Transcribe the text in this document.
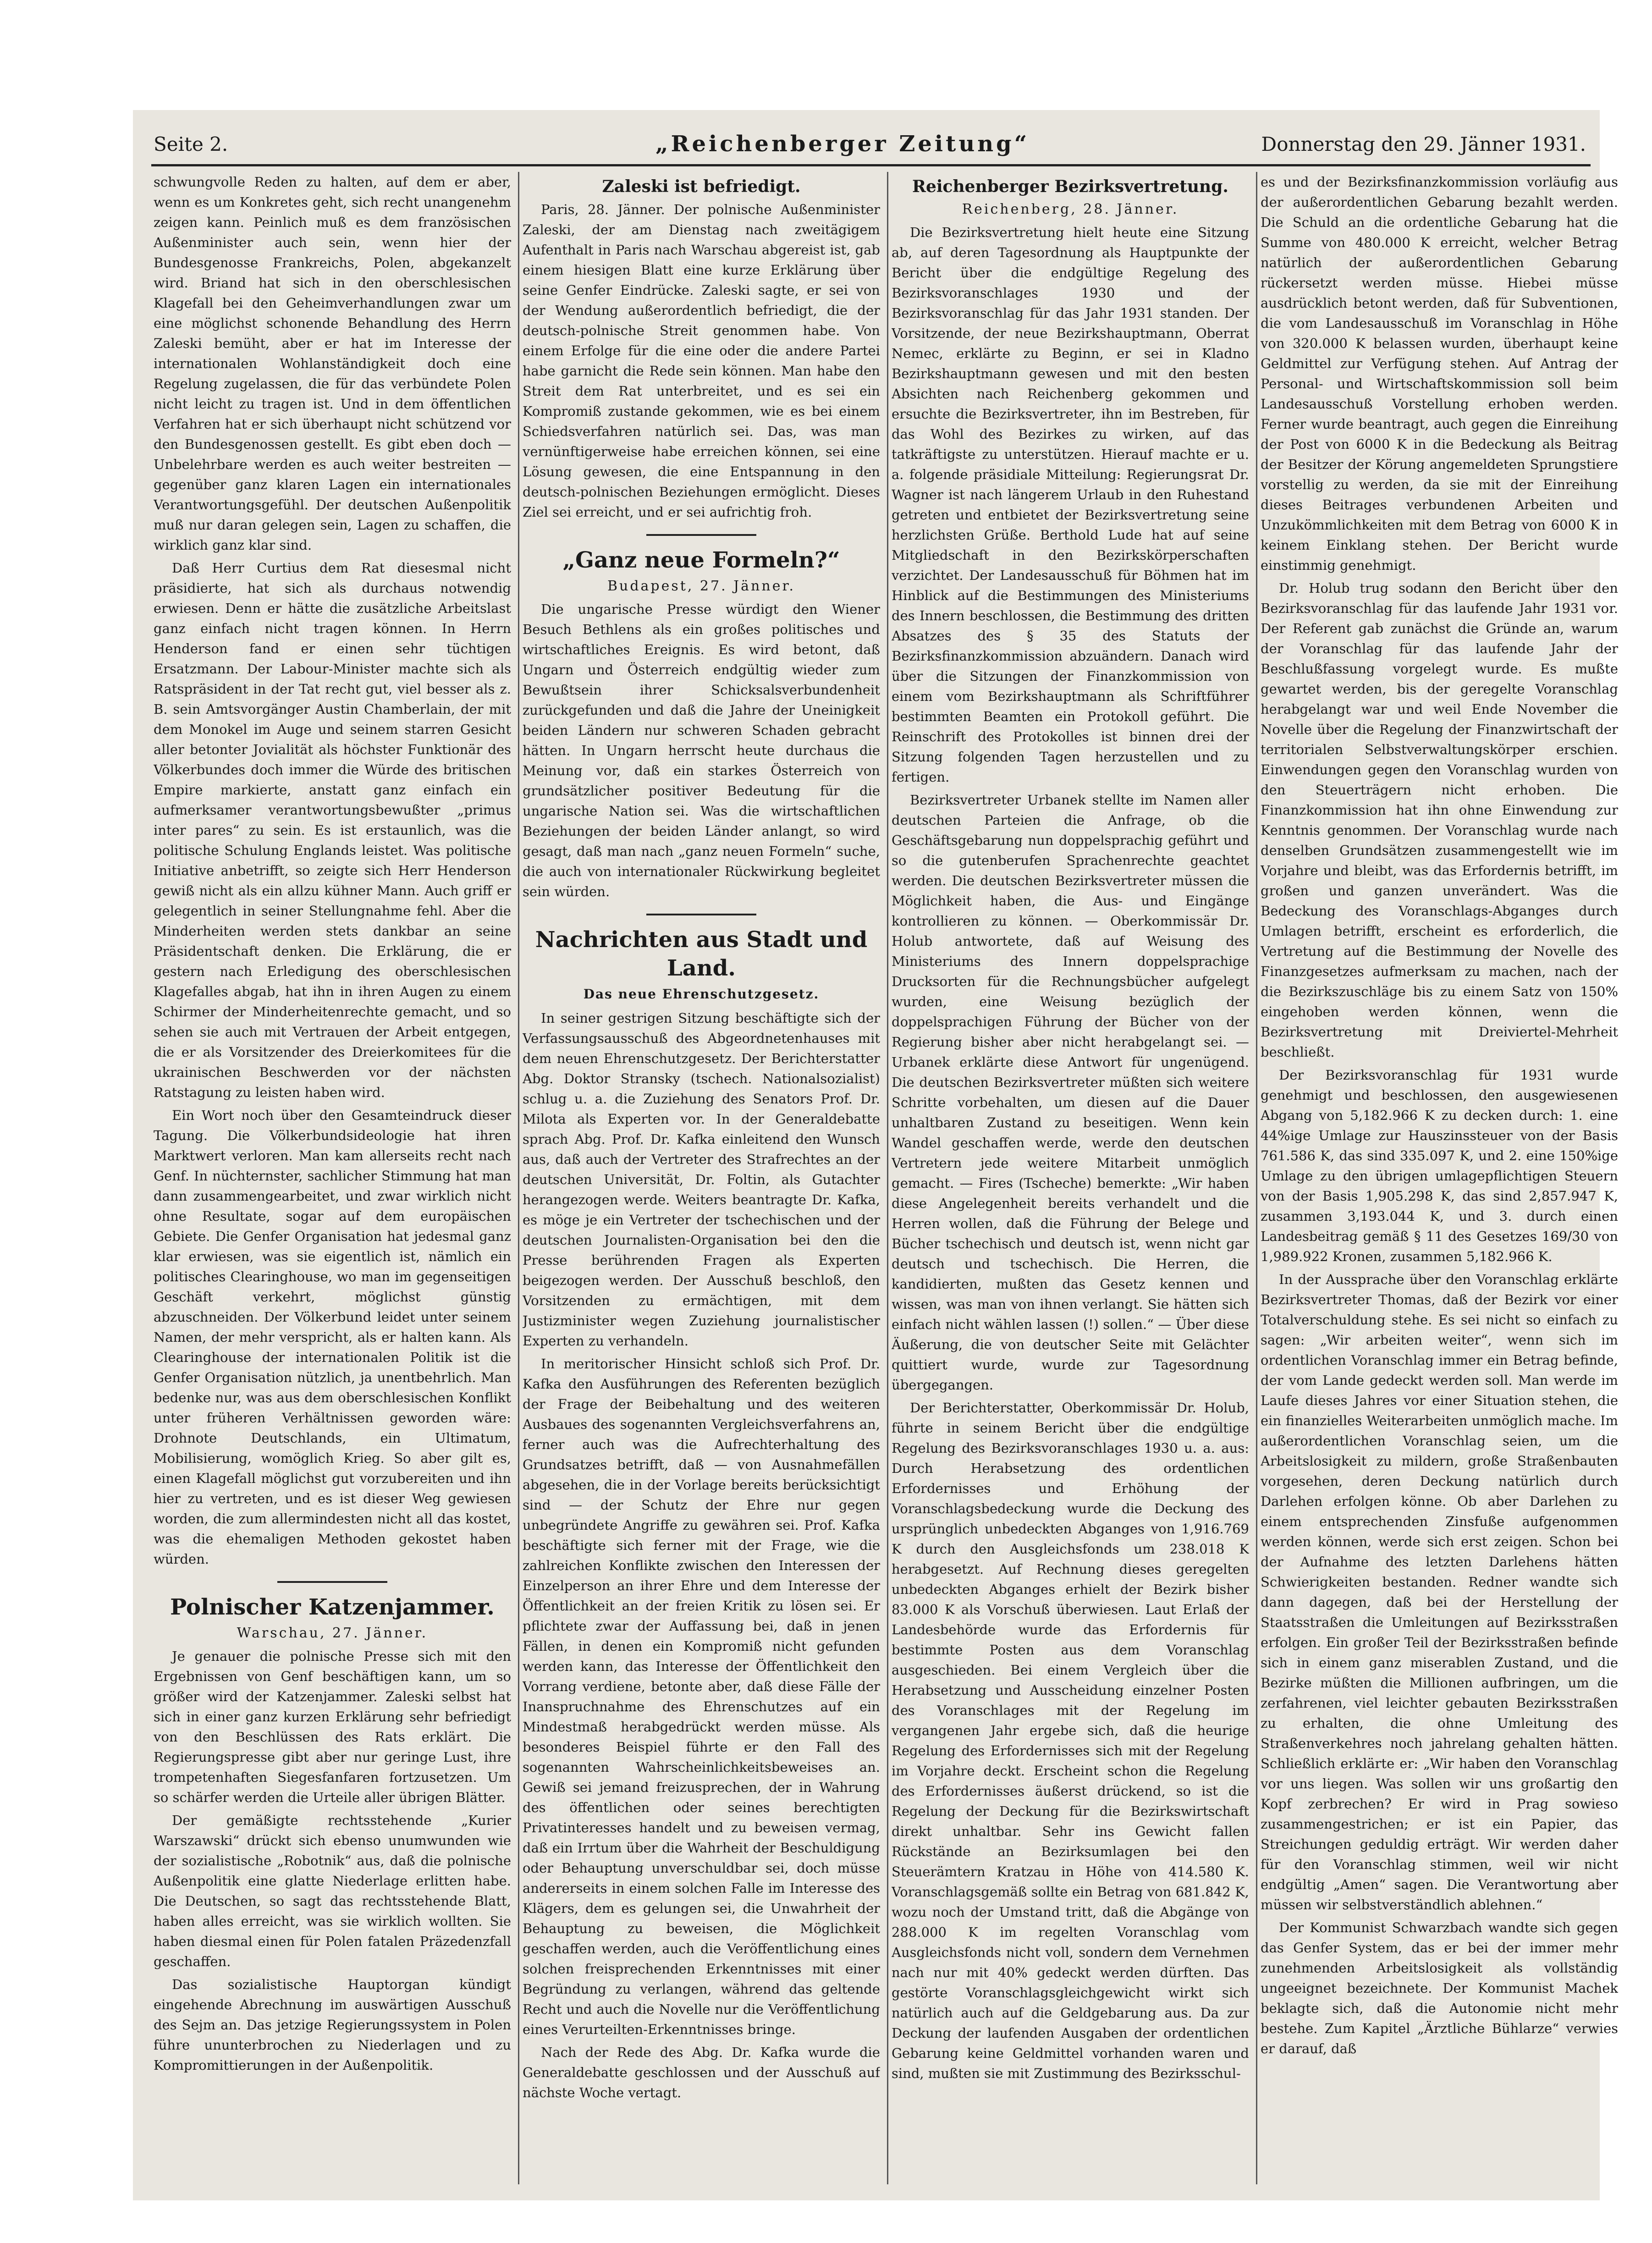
Seite 2.	„Reichenberger Zeitung“	Donnerstag den 29. Jänner 1931.

schwungvolle Reden zu halten, auf dem er aber, wenn es um Konkretes geht, sich recht unangenehm zeigen kann. Peinlich muß es dem französischen Außenminister auch sein, wenn hier der Bundesgenosse Frankreichs, Polen, abgekanzelt wird. Briand hat sich in den oberschlesischen Klagefall bei den Geheimverhandlungen zwar um eine möglichst schonende Behandlung des Herrn Zaleski bemüht, aber er hat im Interesse der internationalen Wohlanständigkeit doch eine Regelung zugelassen, die für das verbündete Polen nicht leicht zu tragen ist. Und in dem öffentlichen Verfahren hat er sich überhaupt nicht schützend vor den Bundesgenossen gestellt. Es gibt eben doch — Unbelehrbare werden es auch weiter bestreiten — gegenüber ganz klaren Lagen ein internationales Verantwortungsgefühl. Der deutschen Außenpolitik muß nur daran gelegen sein, Lagen zu schaffen, die wirklich ganz klar sind.

Daß Herr Curtius dem Rat diesesmal nicht präsidierte, hat sich als durchaus notwendig erwiesen. Denn er hätte die zusätzliche Arbeitslast ganz einfach nicht tragen können. In Herrn Henderson fand er einen sehr tüchtigen Ersatzmann. Der Labour-Minister machte sich als Ratspräsident in der Tat recht gut, viel besser als z. B. sein Amtsvorgänger Austin Chamberlain, der mit dem Monokel im Auge und seinem starren Gesicht aller betonter Jovialität als höchster Funktionär des Völkerbundes doch immer die Würde des britischen Empire markierte, anstatt ganz einfach ein aufmerksamer verantwortungsbewußter „primus inter pares“ zu sein. Es ist erstaunlich, was die politische Schulung Englands leistet. Was politische Initiative anbetrifft, so zeigte sich Herr Henderson gewiß nicht als ein allzu kühner Mann. Auch griff er gelegentlich in seiner Stellungnahme fehl. Aber die Minderheiten werden stets dankbar an seine Präsidentschaft denken. Die Erklärung, die er gestern nach Erledigung des oberschlesischen Klagefalles abgab, hat ihn in ihren Augen zu einem Schirmer der Minderheitenrechte gemacht, und so sehen sie auch mit Vertrauen der Arbeit entgegen, die er als Vorsitzender des Dreierkomitees für die ukrainischen Beschwerden vor der nächsten Ratstagung zu leisten haben wird.

Ein Wort noch über den Gesamteindruck dieser Tagung. Die Völkerbundsideologie hat ihren Marktwert verloren. Man kam allerseits recht nach Genf. In nüchternster, sachlicher Stimmung hat man dann zusammengearbeitet, und zwar wirklich nicht ohne Resultate, sogar auf dem europäischen Gebiete. Die Genfer Organisation hat jedesmal ganz klar erwiesen, was sie eigentlich ist, nämlich ein politisches Clearinghouse, wo man im gegenseitigen Geschäft verkehrt, möglichst günstig abzuschneiden. Der Völkerbund leidet unter seinem Namen, der mehr verspricht, als er halten kann. Als Clearinghouse der internationalen Politik ist die Genfer Organisation nützlich, ja unentbehrlich. Man bedenke nur, was aus dem oberschlesischen Konflikt unter früheren Verhältnissen geworden wäre: Drohnote Deutschlands, ein Ultimatum, Mobilisierung, womöglich Krieg. So aber gilt es, einen Klagefall möglichst gut vorzubereiten und ihn hier zu vertreten, und es ist dieser Weg gewiesen worden, die zum allermindesten nicht all das kostet, was die ehemaligen Methoden gekostet haben würden.

Polnischer Katzenjammer.
Warschau, 27. Jänner.

Je genauer die polnische Presse sich mit den Ergebnissen von Genf beschäftigen kann, um so größer wird der Katzenjammer. Zaleski selbst hat sich in einer ganz kurzen Erklärung sehr befriedigt von den Beschlüssen des Rats erklärt. Die Regierungspresse gibt aber nur geringe Lust, ihre trompetenhaften Siegesfanfaren fortzusetzen. Um so schärfer werden die Urteile aller übrigen Blätter.

Der gemäßigte rechtsstehende „Kurier Warszawski“ drückt sich ebenso unumwunden wie der sozialistische „Robotnik“ aus, daß die polnische Außenpolitik eine glatte Niederlage erlitten habe. Die Deutschen, so sagt das rechtsstehende Blatt, haben alles erreicht, was sie wirklich wollten. Sie haben diesmal einen für Polen fatalen Präzedenzfall geschaffen.

Das sozialistische Hauptorgan kündigt eingehende Abrechnung im auswärtigen Ausschuß des Sejm an. Das jetzige Regierungssystem in Polen führe ununterbrochen zu Niederlagen und zu Kompromittierungen in der Außenpolitik.

Zaleski ist befriedigt.

Paris, 28. Jänner. Der polnische Außenminister Zaleski, der am Dienstag nach zweitägigem Aufenthalt in Paris nach Warschau abgereist ist, gab einem hiesigen Blatt eine kurze Erklärung über seine Genfer Eindrücke. Zaleski sagte, er sei von der Wendung außerordentlich befriedigt, die der deutsch-polnische Streit genommen habe. Von einem Erfolge für die eine oder die andere Partei habe garnicht die Rede sein können. Man habe den Streit dem Rat unterbreitet, und es sei ein Kompromiß zustande gekommen, wie es bei einem Schiedsverfahren natürlich sei. Das, was man vernünftigerweise habe erreichen können, sei eine Lösung gewesen, die eine Entspannung in den deutsch-polnischen Beziehungen ermöglicht. Dieses Ziel sei erreicht, und er sei aufrichtig froh.

„Ganz neue Formeln?“
Budapest, 27. Jänner.

Die ungarische Presse würdigt den Wiener Besuch Bethlens als ein großes politisches und wirtschaftliches Ereignis. Es wird betont, daß Ungarn und Österreich endgültig wieder zum Bewußtsein ihrer Schicksalsverbundenheit zurückgefunden und daß die Jahre der Uneinigkeit beiden Ländern nur schweren Schaden gebracht hätten. In Ungarn herrscht heute durchaus die Meinung vor, daß ein starkes Österreich von grundsätzlicher positiver Bedeutung für die ungarische Nation sei. Was die wirtschaftlichen Beziehungen der beiden Länder anlangt, so wird gesagt, daß man nach „ganz neuen Formeln“ suche, die auch von internationaler Rückwirkung begleitet sein würden.

Nachrichten aus Stadt und Land.
Das neue Ehrenschutzgesetz.

In seiner gestrigen Sitzung beschäftigte sich der Verfassungsausschuß des Abgeordnetenhauses mit dem neuen Ehrenschutzgesetz. Der Berichterstatter Abg. Doktor Stransky (tschech. Nationalsozialist) schlug u. a. die Zuziehung des Senators Prof. Dr. Milota als Experten vor. In der Generaldebatte sprach Abg. Prof. Dr. Kafka einleitend den Wunsch aus, daß auch der Vertreter des Strafrechtes an der deutschen Universität, Dr. Foltin, als Gutachter herangezogen werde. Weiters beantragte Dr. Kafka, es möge je ein Vertreter der tschechischen und der deutschen Journalisten-Organisation bei den die Presse berührenden Fragen als Experten beigezogen werden. Der Ausschuß beschloß, den Vorsitzenden zu ermächtigen, mit dem Justizminister wegen Zuziehung journalistischer Experten zu verhandeln.

In meritorischer Hinsicht schloß sich Prof. Dr. Kafka den Ausführungen des Referenten bezüglich der Frage der Beibehaltung und des weiteren Ausbaues des sogenannten Vergleichsverfahrens an, ferner auch was die Aufrechterhaltung des Grundsatzes betrifft, daß — von Ausnahmefällen abgesehen, die in der Vorlage bereits berücksichtigt sind — der Schutz der Ehre nur gegen unbegründete Angriffe zu gewähren sei. Prof. Kafka beschäftigte sich ferner mit der Frage, wie die zahlreichen Konflikte zwischen den Interessen der Einzelperson an ihrer Ehre und dem Interesse der Öffentlichkeit an der freien Kritik zu lösen sei. Er pflichtete zwar der Auffassung bei, daß in jenen Fällen, in denen ein Kompromiß nicht gefunden werden kann, das Interesse der Öffentlichkeit den Vorrang verdiene, betonte aber, daß diese Fälle der Inanspruchnahme des Ehrenschutzes auf ein Mindestmaß herabgedrückt werden müsse. Als besonderes Beispiel führte er den Fall des sogenannten Wahrscheinlichkeitsbeweises an. Gewiß sei jemand freizusprechen, der in Wahrung des öffentlichen oder seines berechtigten Privatinteresses handelt und zu beweisen vermag, daß ein Irrtum über die Wahrheit der Beschuldigung oder Behauptung unverschuldbar sei, doch müsse andererseits in einem solchen Falle im Interesse des Klägers, dem es gelungen sei, die Unwahrheit der Behauptung zu beweisen, die Möglichkeit geschaffen werden, auch die Veröffentlichung eines solchen freisprechenden Erkenntnisses mit einer Begründung zu verlangen, während das geltende Recht und auch die Novelle nur die Veröffentlichung eines Verurteilten-Erkenntnisses bringe.

Nach der Rede des Abg. Dr. Kafka wurde die Generaldebatte geschlossen und der Ausschuß auf nächste Woche vertagt.

Reichenberger Bezirksvertretung.
Reichenberg, 28. Jänner.

Die Bezirksvertretung hielt heute eine Sitzung ab, auf deren Tagesordnung als Hauptpunkte der Bericht über die endgültige Regelung des Bezirksvoranschlages 1930 und der Bezirksvoranschlag für das Jahr 1931 standen. Der Vorsitzende, der neue Bezirkshauptmann, Oberrat Nemec, erklärte zu Beginn, er sei in Kladno Bezirkshauptmann gewesen und mit den besten Absichten nach Reichenberg gekommen und ersuchte die Bezirksvertreter, ihn im Bestreben, für das Wohl des Bezirkes zu wirken, auf das tatkräftigste zu unterstützen. Hierauf machte er u. a. folgende präsidiale Mitteilung: Regierungsrat Dr. Wagner ist nach längerem Urlaub in den Ruhestand getreten und entbietet der Bezirksvertretung seine herzlichsten Grüße. Berthold Lude hat auf seine Mitgliedschaft in den Bezirkskörperschaften verzichtet. Der Landesausschuß für Böhmen hat im Hinblick auf die Bestimmungen des Ministeriums des Innern beschlossen, die Bestimmung des dritten Absatzes des § 35 des Statuts der Bezirksfinanzkommission abzuändern. Danach wird über die Sitzungen der Finanzkommission von einem vom Bezirkshauptmann als Schriftführer bestimmten Beamten ein Protokoll geführt. Die Reinschrift des Protokolles ist binnen drei der Sitzung folgenden Tagen herzustellen und zu fertigen.

Bezirksvertreter Urbanek stellte im Namen aller deutschen Parteien die Anfrage, ob die Geschäftsgebarung nun doppelsprachig geführt und so die gutenberufen Sprachenrechte geachtet werden. Die deutschen Bezirksvertreter müssen die Möglichkeit haben, die Aus- und Eingänge kontrollieren zu können. — Oberkommissär Dr. Holub antwortete, daß auf Weisung des Ministeriums des Innern doppelsprachige Drucksorten für die Rechnungsbücher aufgelegt wurden, eine Weisung bezüglich der doppelsprachigen Führung der Bücher von der Regierung bisher aber nicht herabgelangt sei. — Urbanek erklärte diese Antwort für ungenügend. Die deutschen Bezirksvertreter müßten sich weitere Schritte vorbehalten, um diesen auf die Dauer unhaltbaren Zustand zu beseitigen. Wenn kein Wandel geschaffen werde, werde den deutschen Vertretern jede weitere Mitarbeit unmöglich gemacht. — Fires (Tscheche) bemerkte: „Wir haben diese Angelegenheit bereits verhandelt und die Herren wollen, daß die Führung der Belege und Bücher tschechisch und deutsch ist, wenn nicht gar deutsch und tschechisch. Die Herren, die kandidierten, mußten das Gesetz kennen und wissen, was man von ihnen verlangt. Sie hätten sich einfach nicht wählen lassen (!) sollen.“ — Über diese Äußerung, die von deutscher Seite mit Gelächter quittiert wurde, wurde zur Tagesordnung übergegangen.

Der Berichterstatter, Oberkommissär Dr. Holub, führte in seinem Bericht über die endgültige Regelung des Bezirksvoranschlages 1930 u. a. aus: Durch Herabsetzung des ordentlichen Erfordernisses und Erhöhung der Voranschlagsbedeckung wurde die Deckung des ursprünglich unbedeckten Abganges von 1,916.769 K durch den Ausgleichsfonds um 238.018 K herabgesetzt. Auf Rechnung dieses geregelten unbedeckten Abganges erhielt der Bezirk bisher 83.000 K als Vorschuß überwiesen. Laut Erlaß der Landesbehörde wurde das Erfordernis für bestimmte Posten aus dem Voranschlag ausgeschieden. Bei einem Vergleich über die Herabsetzung und Ausscheidung einzelner Posten des Voranschlages mit der Regelung im vergangenen Jahr ergebe sich, daß die heurige Regelung des Erfordernisses sich mit der Regelung im Vorjahre deckt. Erscheint schon die Regelung des Erfordernisses äußerst drückend, so ist die Regelung der Deckung für die Bezirkswirtschaft direkt unhaltbar. Sehr ins Gewicht fallen Rückstände an Bezirksumlagen bei den Steuerämtern Kratzau in Höhe von 414.580 K. Voranschlagsgemäß sollte ein Betrag von 681.842 K, wozu noch der Umstand tritt, daß die Abgänge von 288.000 K im regelten Voranschlag vom Ausgleichsfonds nicht voll, sondern dem Vernehmen nach nur mit 40% gedeckt werden dürften. Das gestörte Voranschlagsgleichgewicht wirkt sich natürlich auch auf die Geldgebarung aus. Da zur Deckung der laufenden Ausgaben der ordentlichen Gebarung keine Geldmittel vorhanden waren und sind, mußten sie mit Zustimmung des Bezirksschul-

es und der Bezirksfinanzkommission vorläufig aus der außerordentlichen Gebarung bezahlt werden. Die Schuld an die ordentliche Gebarung hat die Summe von 480.000 K erreicht, welcher Betrag natürlich der außerordentlichen Gebarung rückersetzt werden müsse. Hiebei müsse ausdrücklich betont werden, daß für Subventionen, die vom Landesausschuß im Voranschlag in Höhe von 320.000 K belassen wurden, überhaupt keine Geldmittel zur Verfügung stehen. Auf Antrag der Personal- und Wirtschaftskommission soll beim Landesausschuß Vorstellung erhoben werden. Ferner wurde beantragt, auch gegen die Einreihung der Post von 6000 K in die Bedeckung als Beitrag der Besitzer der Körung angemeldeten Sprungstiere vorstellig zu werden, da sie mit der Einreihung dieses Beitrages verbundenen Arbeiten und Unzukömmlichkeiten mit dem Betrag von 6000 K in keinem Einklang stehen. Der Bericht wurde einstimmig genehmigt.

Dr. Holub trug sodann den Bericht über den Bezirksvoranschlag für das laufende Jahr 1931 vor. Der Referent gab zunächst die Gründe an, warum der Voranschlag für das laufende Jahr der Beschlußfassung vorgelegt wurde. Es mußte gewartet werden, bis der geregelte Voranschlag herabgelangt war und weil Ende November die Novelle über die Regelung der Finanzwirtschaft der territorialen Selbstverwaltungskörper erschien. Einwendungen gegen den Voranschlag wurden von den Steuerträgern nicht erhoben. Die Finanzkommission hat ihn ohne Einwendung zur Kenntnis genommen. Der Voranschlag wurde nach denselben Grundsätzen zusammengestellt wie im Vorjahre und bleibt, was das Erfordernis betrifft, im großen und ganzen unverändert. Was die Bedeckung des Voranschlags-Abganges durch Umlagen betrifft, erscheint es erforderlich, die Vertretung auf die Bestimmung der Novelle des Finanzgesetzes aufmerksam zu machen, nach der die Bezirkszuschläge bis zu einem Satz von 150% eingehoben werden können, wenn die Bezirksvertretung mit Dreiviertel-Mehrheit beschließt.

Der Bezirksvoranschlag für 1931 wurde genehmigt und beschlossen, den ausgewiesenen Abgang von 5,182.966 K zu decken durch: 1. eine 44%ige Umlage zur Hauszinssteuer von der Basis 761.586 K, das sind 335.097 K, und 2. eine 150%ige Umlage zu den übrigen umlagepflichtigen Steuern von der Basis 1,905.298 K, das sind 2,857.947 K, zusammen 3,193.044 K, und 3. durch einen Landesbeitrag gemäß § 11 des Gesetzes 169/30 von 1,989.922 Kronen, zusammen 5,182.966 K.

In der Aussprache über den Voranschlag erklärte Bezirksvertreter Thomas, daß der Bezirk vor einer Totalverschuldung stehe. Es sei nicht so einfach zu sagen: „Wir arbeiten weiter“, wenn sich im ordentlichen Voranschlag immer ein Betrag befinde, der vom Lande gedeckt werden soll. Man werde im Laufe dieses Jahres vor einer Situation stehen, die ein finanzielles Weiterarbeiten unmöglich mache. Im außerordentlichen Voranschlag seien, um die Arbeitslosigkeit zu mildern, große Straßenbauten vorgesehen, deren Deckung natürlich durch Darlehen erfolgen könne. Ob aber Darlehen zu einem entsprechenden Zinsfuße aufgenommen werden können, werde sich erst zeigen. Schon bei der Aufnahme des letzten Darlehens hätten Schwierigkeiten bestanden. Redner wandte sich dann dagegen, daß bei der Herstellung der Staatsstraßen die Umleitungen auf Bezirksstraßen erfolgen. Ein großer Teil der Bezirksstraßen befinde sich in einem ganz miserablen Zustand, und die Bezirke müßten die Millionen aufbringen, um die zerfahrenen, viel leichter gebauten Bezirksstraßen zu erhalten, die ohne Umleitung des Straßenverkehres noch jahrelang gehalten hätten. Schließlich erklärte er: „Wir haben den Voranschlag vor uns liegen. Was sollen wir uns großartig den Kopf zerbrechen? Er wird in Prag sowieso zusammengestrichen; er ist ein Papier, das Streichungen geduldig erträgt. Wir werden daher für den Voranschlag stimmen, weil wir nicht endgültig „Amen“ sagen. Die Verantwortung aber müssen wir selbstverständlich ablehnen.“

Der Kommunist Schwarzbach wandte sich gegen das Genfer System, das er bei der immer mehr zunehmenden Arbeitslosigkeit als vollständig ungeeignet bezeichnete. Der Kommunist Machek beklagte sich, daß die Autonomie nicht mehr bestehe. Zum Kapitel „Ärztliche Bühlarze“ verwies er darauf, daß
